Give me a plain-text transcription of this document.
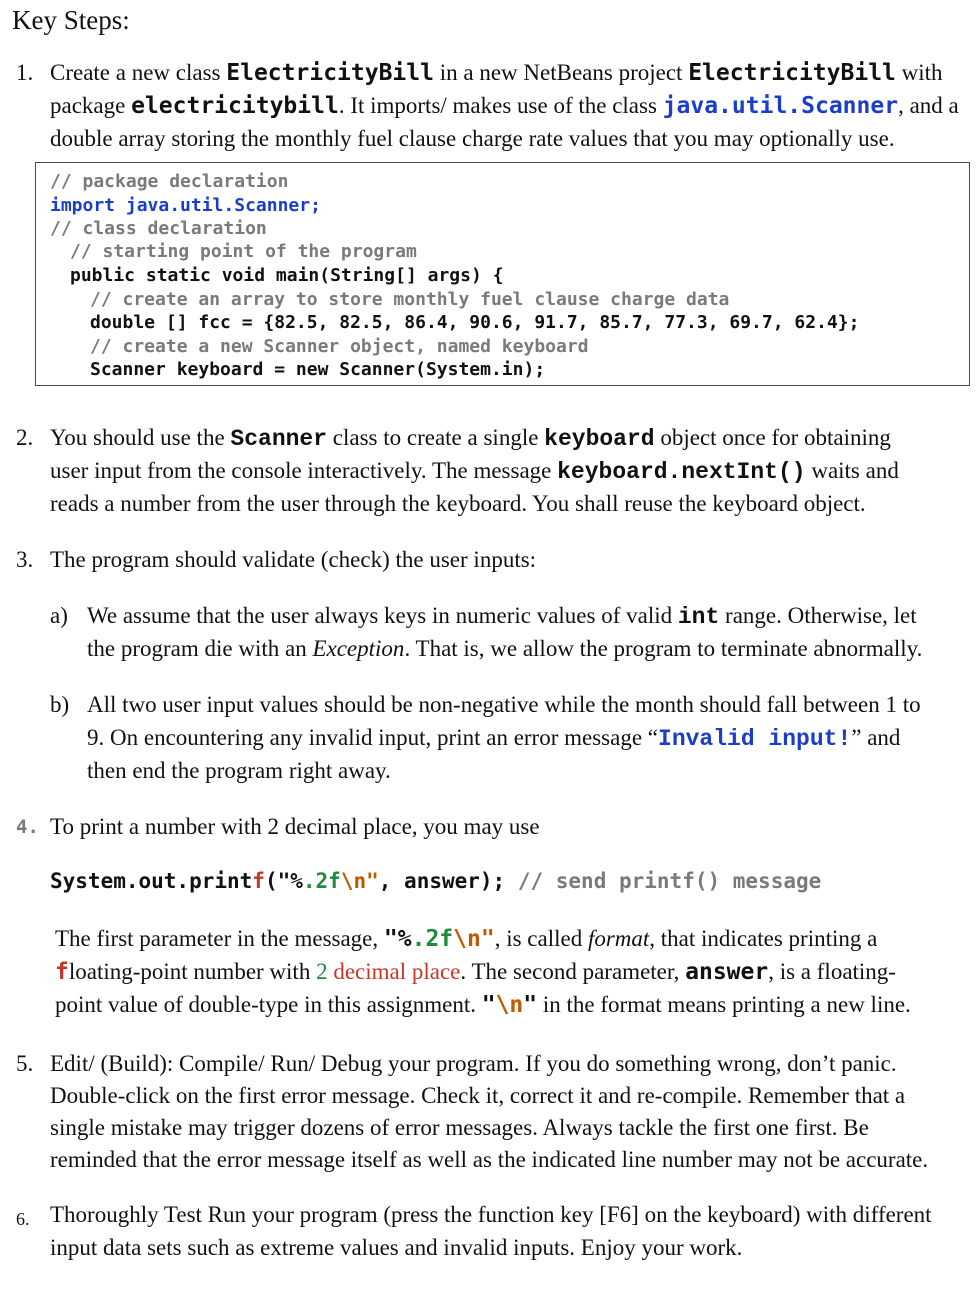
Key Steps:
1. Create a new class ElectricityBill in a new NetBeans project ElectricityBill with
package electricitybill. It imports/ makes use of the class java.util.Scanner, and a
double array storing the monthly fuel clause charge rate values that you may optionally use.
// package declaration
import java.util.Scanner;
// class declaration
// starting point of the program
public static void main(String[] args) {
// create an array to store monthly fuel clause charge data
double [] fcc = {82.5, 82.5, 86.4, 90.6, 91.7, 85.7, 77.3, 69.7, 62.4};
// create a new Scanner object, named keyboard
Scanner keyboard = new Scanner(System.in);
2. You should use the Scanner class to create a single keyboard object once for obtaining
user input from the console interactively. The message keyboard.nextInt() waits and
reads a number from the user through the keyboard. You shall reuse the keyboard object.
3. The program should validate (check) the user inputs:
a) We assume that the user always keys in numeric values of valid int range. Otherwise, let
the program die with an Exception. That is, we allow the program to terminate abnormally.
b) All two user input values should be non-negative while the month should fall between 1 to
9. On encountering any invalid input, print an error message “Invalid input!” and
then end the program right away.
4. To print a number with 2 decimal place, you may use
System.out.printf("%.2f\n", answer); // send printf() message
The first parameter in the message, "%.2f\n", is called format, that indicates printing a
floating-point number with 2 decimal place. The second parameter, answer, is a floating-
point value of double-type in this assignment. "\n" in the format means printing a new line.
5. Edit/ (Build): Compile/ Run/ Debug your program. If you do something wrong, don’t panic.
Double-click on the first error message. Check it, correct it and re-compile. Remember that a
single mistake may trigger dozens of error messages. Always tackle the first one first. Be
reminded that the error message itself as well as the indicated line number may not be accurate.
6. Thoroughly Test Run your program (press the function key [F6] on the keyboard) with different
input data sets such as extreme values and invalid inputs. Enjoy your work.
